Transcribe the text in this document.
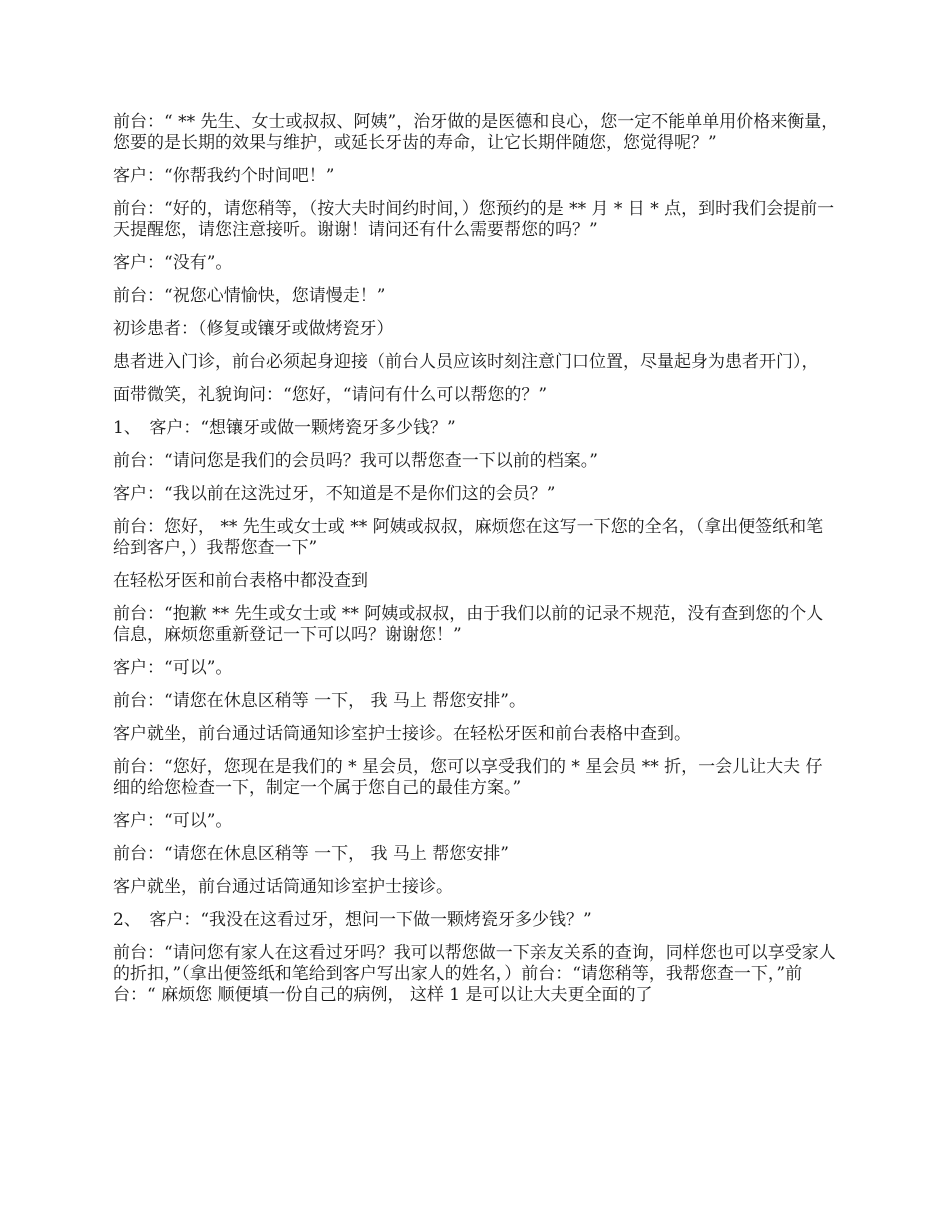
前台：“ ** 先生、女士或叔叔、阿姨”，治牙做的是医德和良心，您一定不能单单用价格来衡量，您要的是长期的效果与维护，或延长牙齿的寿命，让它长期伴随您，您觉得呢？”

客户：“你帮我约个时间吧！”

前台：“好的，请您稍等，（按大夫时间约时间，）您预约的是 ** 月 * 日 * 点，到时我们会提前一天提醒您，请您注意接听。谢谢！请问还有什么需要帮您的吗？”

客户：“没有”。

前台：“祝您心情愉快，您请慢走！”

初诊患者：（修复或镶牙或做烤瓷牙）

患者进入门诊，前台必须起身迎接（前台人员应该时刻注意门口位置，尽量起身为患者开门），

面带微笑，礼貌询问：“您好，“请问有什么可以帮您的？”

1、　客户：“想镶牙或做一颗烤瓷牙多少钱？”

前台：“请问您是我们的会员吗？我可以帮您查一下以前的档案。”

客户：“我以前在这洗过牙，不知道是不是你们这的会员？”

前台：您好， ** 先生或女士或 ** 阿姨或叔叔，麻烦您在这写一下您的全名，（拿出便签纸和笔给到客户，）我帮您查一下”

在轻松牙医和前台表格中都没查到

前台：“抱歉 ** 先生或女士或 ** 阿姨或叔叔，由于我们以前的记录不规范，没有查到您的个人信息，麻烦您重新登记一下可以吗？谢谢您！”

客户：“可以”。

前台：“请您在休息区稍等 一下， 我 马上 帮您安排”。

客户就坐，前台通过话筒通知诊室护士接诊。在轻松牙医和前台表格中查到。

前台：“您好，您现在是我们的 * 星会员，您可以享受我们的 * 星会员 ** 折，一会儿让大夫 仔 细的给您检查一下，制定一个属于您自己的最佳方案。”

客户：“可以”。

前台：“请您在休息区稍等 一下， 我 马上 帮您安排”

客户就坐，前台通过话筒通知诊室护士接诊。

2、　客户：“我没在这看过牙，想问一下做一颗烤瓷牙多少钱？”

前台：“请问您有家人在这看过牙吗？我可以帮您做一下亲友关系的查询，同样您也可以享受家人的折扣，”（拿出便签纸和笔给到客户写出家人的姓名，）前台：“请您稍等，我帮您查一下，”前台：“ 麻烦您 顺便填一份自己的病例， 这样 1 是可以让大夫更全面的了
